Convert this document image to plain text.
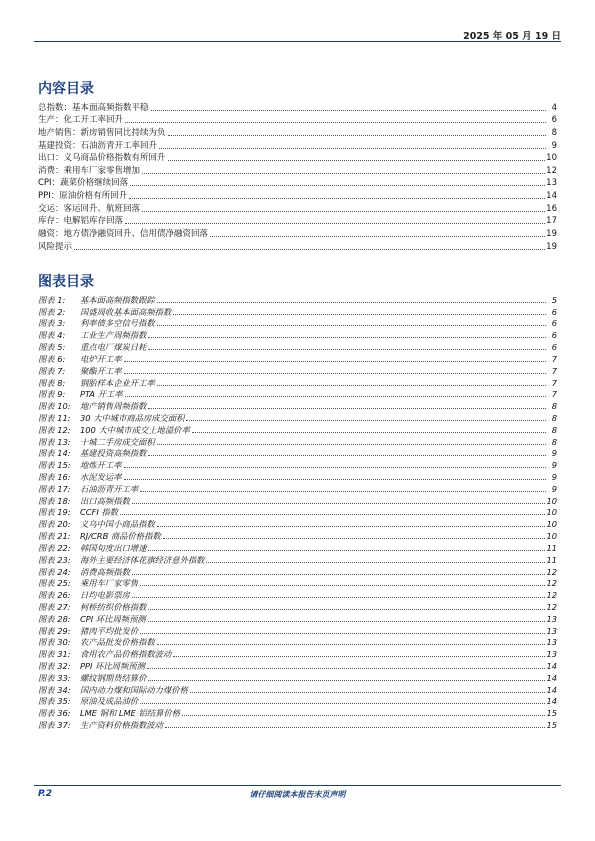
2025 年 05 月 19 日
内容目录
总指数：基本面高频指数平稳	4
生产：化工开工率回升	6
地产销售：新房销售同比持续为负	8
基建投资：石油沥青开工率回升	9
出口：义乌商品价格指数有所回升	10
消费：乘用车厂家零售增加	12
CPI：蔬菜价格继续回落	13
PPI：原油价格有所回升	14
交运：客运回升、航班回落	16
库存：电解铝库存回落	17
融资：地方债净融资回升、信用债净融资回落	19
风险提示	19
图表目录
图表 1:	基本面高频指数跟踪	5
图表 2:	国盛周收基本面高频指数	6
图表 3:	利率债多空信号指数	6
图表 4:	工业生产周频指数	6
图表 5:	重点电厂煤炭日耗	6
图表 6:	电炉开工率	7
图表 7:	聚酯开工率	7
图表 8:	钢胎样本企业开工率	7
图表 9:	PTA 开工率	7
图表 10:	地产销售周频指数	8
图表 11:	30 大中城市商品房成交面积	8
图表 12:	100 大中城市成交土地溢价率	8
图表 13:	十城二手房成交面积	8
图表 14:	基建投资高频指数	9
图表 15:	地炼开工率	9
图表 16:	水泥发运率	9
图表 17:	石油沥青开工率	9
图表 18:	出口高频指数	10
图表 19:	CCFI 指数	10
图表 20:	义乌中国小商品指数	10
图表 21:	RJ/CRB 商品价格指数	10
图表 22:	韩国旬度出口增速	11
图表 23:	海外主要经济体花旗经济意外指数	11
图表 24:	消费高频指数	12
图表 25:	乘用车厂家零售	12
图表 26:	日均电影票房	12
图表 27:	柯桥纺织价格指数	12
图表 28:	CPI 环比周频预测	13
图表 29:	猪肉平均批发价	13
图表 30:	农产品批发价格指数	13
图表 31:	食用农产品价格指数波动	13
图表 32:	PPI 环比周频预测	14
图表 33:	螺纹钢期货结算价	14
图表 34:	国内动力煤和国际动力煤价格	14
图表 35:	原油及成品油价	14
图表 36:	LME 铜和 LME 铝结算价格	15
图表 37:	生产资料价格指数波动	15
P.2	请仔细阅读本报告末页声明
